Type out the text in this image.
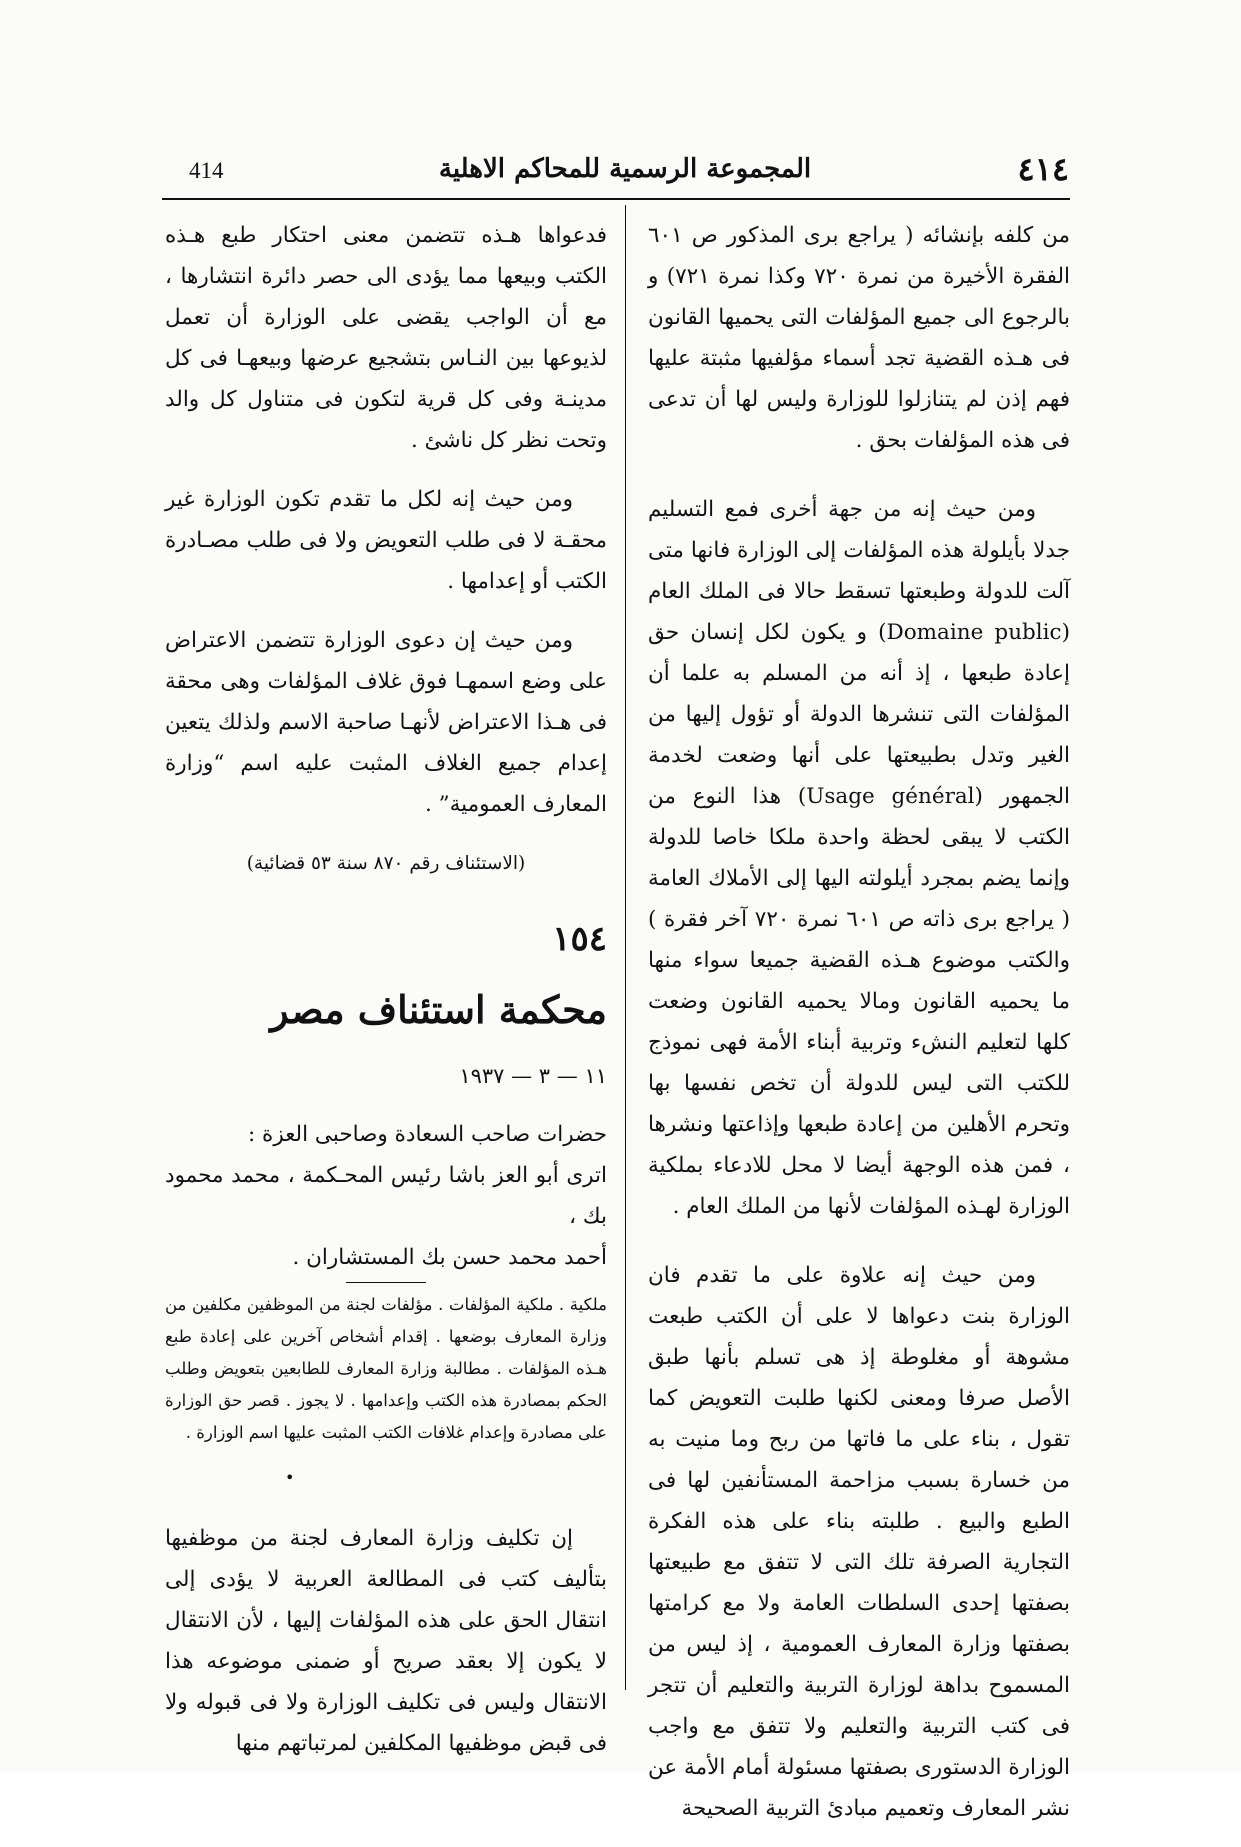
٤١٤
المجموعة الرسمية للمحاكم الاهلية
414

من كلفه بإنشائه ( يراجع برى المذكور ص ٦٠١ الفقرة الأخيرة من نمرة ٧٢٠ وكذا نمرة ٧٢١) و بالرجوع الى جميع المؤلفات التى يحميها القانون فى هـذه القضية تجد أسماء مؤلفيها مثبتة عليها فهم إذن لم يتنازلوا للوزارة وليس لها أن تدعى فى هذه المؤلفات بحق .

ومن حيث إنه من جهة أخرى فمع التسليم جدلا بأيلولة هذه المؤلفات إلى الوزارة فانها متى آلت للدولة وطبعتها تسقط حالا فى الملك العام (Domaine public) و يكون لكل إنسان حق إعادة طبعها ، إذ أنه من المسلم به علما أن المؤلفات التى تنشرها الدولة أو تؤول إليها من الغير وتدل بطبيعتها على أنها وضعت لخدمة الجمهور (Usage général) هذا النوع من الكتب لا يبقى لحظة واحدة ملكا خاصا للدولة وإنما يضم بمجرد أيلولته اليها إلى الأملاك العامة ( يراجع برى ذاته ص ٦٠١ نمرة ٧٢٠ آخر فقرة ) والكتب موضوع هـذه القضية جميعا سواء منها ما يحميه القانون ومالا يحميه القانون وضعت كلها لتعليم النشء وتربية أبناء الأمة فهى نموذج للكتب التى ليس للدولة أن تخص نفسها بها وتحرم الأهلين من إعادة طبعها وإذاعتها ونشرها ، فمن هذه الوجهة أيضا لا محل للادعاء بملكية الوزارة لهـذه المؤلفات لأنها من الملك العام .

ومن حيث إنه علاوة على ما تقدم فان الوزارة بنت دعواها لا على أن الكتب طبعت مشوهة أو مغلوطة إذ هى تسلم بأنها طبق الأصل صرفا ومعنى لكنها طلبت التعويض كما تقول ، بناء على ما فاتها من ربح وما منيت به من خسارة بسبب مزاحمة المستأنفين لها فى الطبع والبيع . طلبته بناء على هذه الفكرة التجارية الصرفة تلك التى لا تتفق مع طبيعتها بصفتها إحدى السلطات العامة ولا مع كرامتها بصفتها وزارة المعارف العمومية ، إذ ليس من المسموح بداهة لوزارة التربية والتعليم أن تتجر فى كتب التربية والتعليم ولا تتفق مع واجب الوزارة الدستورى بصفتها مسئولة أمام الأمة عن نشر المعارف وتعميم مبادئ التربية الصحيحة

فدعواها هـذه تتضمن معنى احتكار طبع هـذه الكتب وبيعها مما يؤدى الى حصر دائرة انتشارها ، مع أن الواجب يقضى على الوزارة أن تعمل لذيوعها بين النـاس بتشجيع عرضها وبيعهـا فى كل مدينـة وفى كل قرية لتكون فى متناول كل والد وتحت نظر كل ناشئ .

ومن حيث إنه لكل ما تقدم تكون الوزارة غير محقـة لا فى طلب التعويض ولا فى طلب مصـادرة الكتب أو إعدامها .

ومن حيث إن دعوى الوزارة تتضمن الاعتراض على وضع اسمهـا فوق غلاف المؤلفات وهى محقة فى هـذا الاعتراض لأنهـا صاحبة الاسم ولذلك يتعين إعدام جميع الغلاف المثبت عليه اسم “وزارة المعارف العمومية” .

(الاستئناف رقم ٨٧٠ سنة ٥٣ قضائية)

١٥٤

محكمة استئناف مصر

١١ — ٣ — ١٩٣٧

حضرات صاحب السعادة وصاحبى العزة :

اترى أبو العز باشا رئيس المحـكمة ، محمد محمود بك ،

أحمد محمد حسن بك المستشاران .

ملكية . ملكية المؤلفات . مؤلفات لجنة من الموظفين مكلفين من وزارة المعارف بوضعها . إقدام أشخاص آخرين على إعادة طبع هـذه المؤلفات . مطالبة وزارة المعارف للطابعين بتعويض وطلب الحكم بمصادرة هذه الكتب وإعدامها . لا يجوز . قصر حق الوزارة على مصادرة وإعدام غلافات الكتب المثبت عليها اسم الوزارة .

•

إن تكليف وزارة المعارف لجنة من موظفيها بتأليف كتب فى المطالعة العربية لا يؤدى إلى انتقال الحق على هذه المؤلفات إليها ، لأن الانتقال لا يكون إلا بعقد صريح أو ضمنى موضوعه هذا الانتقال وليس فى تكليف الوزارة ولا فى قبوله ولا فى قبض موظفيها المكلفين لمرتباتهم منها
